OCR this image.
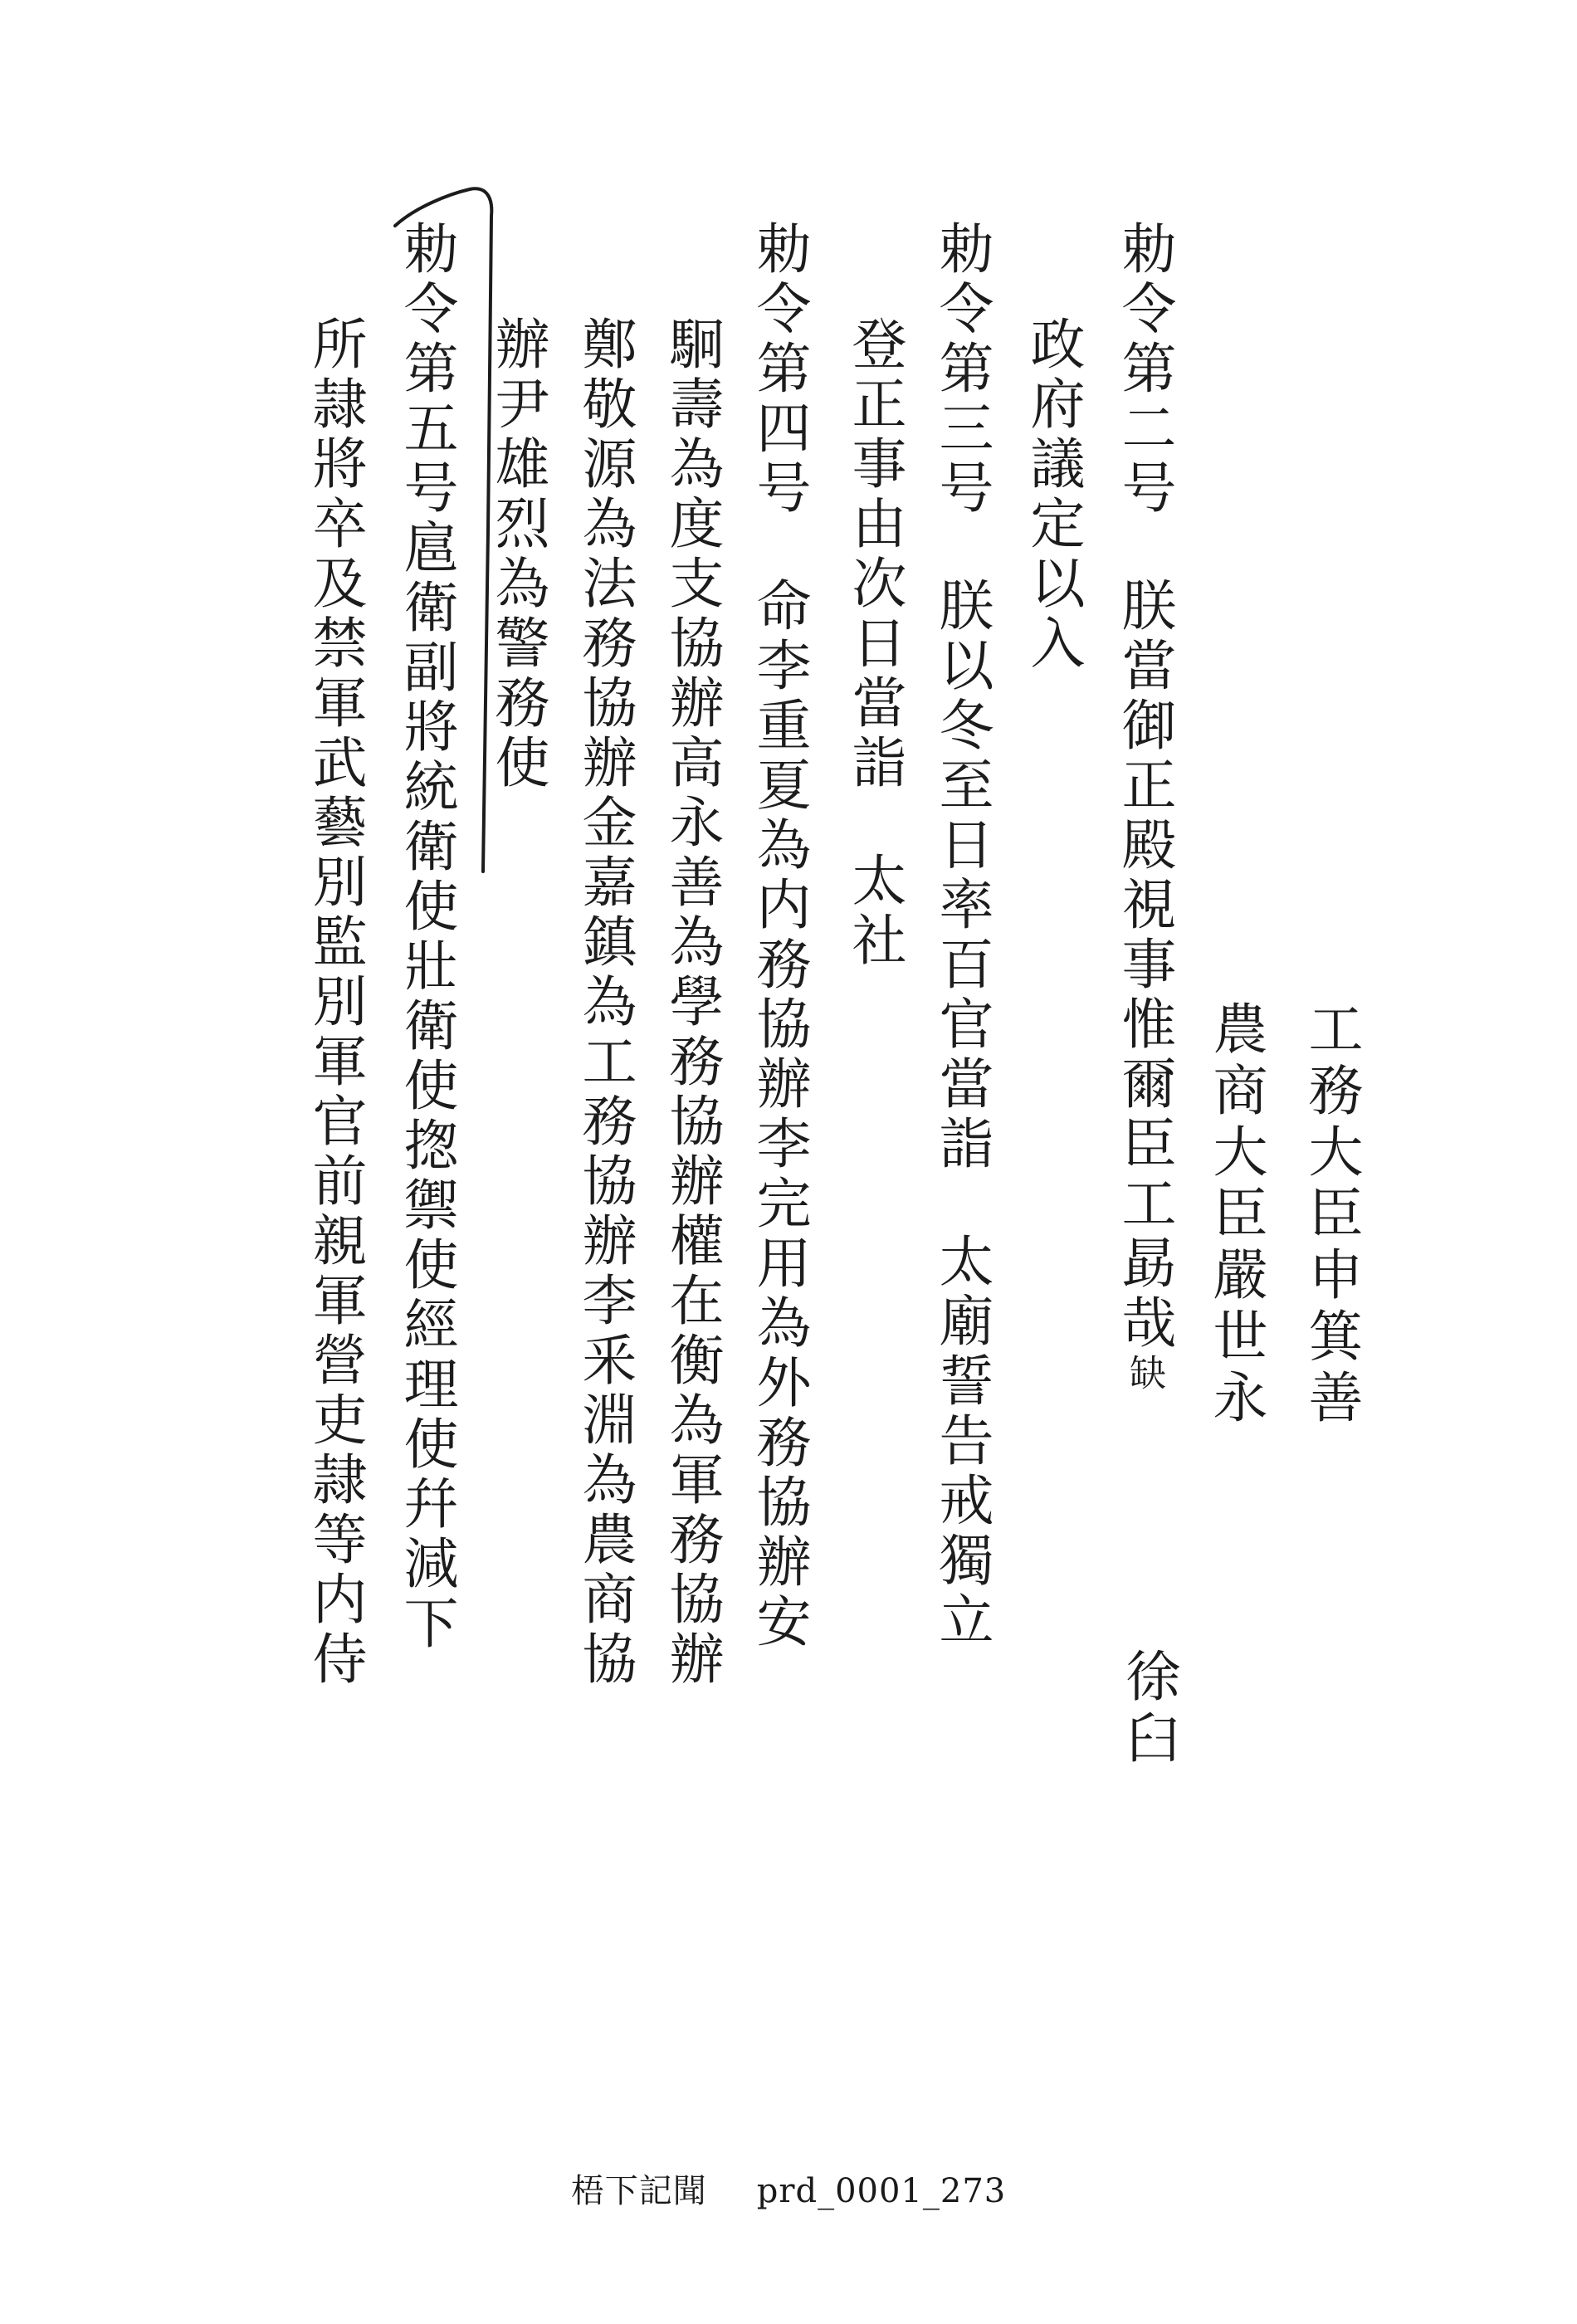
工務大臣申箕善
農商大臣嚴世永
勅令第二号朕當御正殿視事惟爾臣工勗哉缺
徐臼
政府議定以入
勅令第三号朕以冬至日率百官當詣太廟誓告戒獨立
登正事由次日當詣太社
勅令第四号命李重夏為内務協辦李完用為外務協辦安
駉壽為度支協辦高永善為學務協辦權在衡為軍務協辦
鄭敬源為法務協辦金嘉鎮為工務協辦李釆淵為農商協
辦尹雄烈為警務使
勅令第五号扈衛副將統衛使壯衛使揔禦使經理使幷減下
所隷將卒及禁軍武藝別監別軍官前親軍營吏隷等内侍
梧下記聞 prd_0001_273
